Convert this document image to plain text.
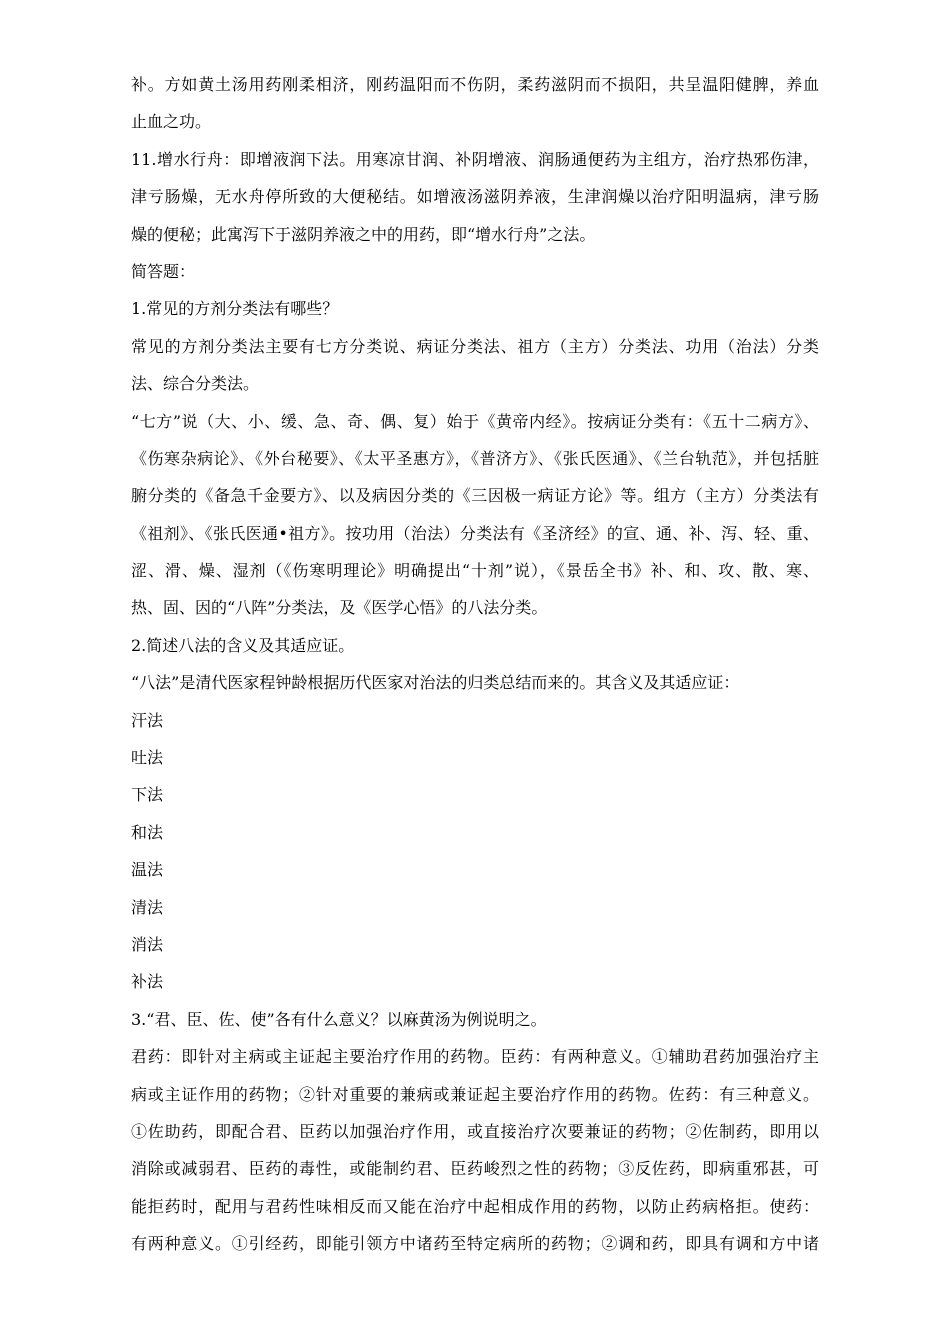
补。方如黄土汤用药刚柔相济，刚药温阳而不伤阴，柔药滋阴而不损阳，共呈温阳健脾，养血
止血之功。
11.增水行舟：即增液润下法。用寒凉甘润、补阴增液、润肠通便药为主组方，治疗热邪伤津，
津亏肠燥，无水舟停所致的大便秘结。如增液汤滋阴养液，生津润燥以治疗阳明温病，津亏肠
燥的便秘；此寓泻下于滋阴养液之中的用药，即“增水行舟”之法。
简答题：
1.常见的方剂分类法有哪些？
常见的方剂分类法主要有七方分类说、病证分类法、祖方（主方）分类法、功用（治法）分类
法、综合分类法。
“七方”说（大、小、缓、急、奇、偶、复）始于《黄帝内经》。按病证分类有：《五十二病方》、
《伤寒杂病论》、《外台秘要》、《太平圣惠方》，《普济方》、《张氏医通》、《兰台轨范》，并包括脏
腑分类的《备急千金要方》、以及病因分类的《三因极一病证方论》等。组方（主方）分类法有
《祖剂》、《张氏医通•祖方》。按功用（治法）分类法有《圣济经》的宣、通、补、泻、轻、重、
涩、滑、燥、湿剂（《伤寒明理论》明确提出“十剂”说），《景岳全书》补、和、攻、散、寒、
热、固、因的“八阵”分类法，及《医学心悟》的八法分类。
2.简述八法的含义及其适应证。
“八法”是清代医家程钟龄根据历代医家对治法的归类总结而来的。其含义及其适应证：
汗法
吐法
下法
和法
温法
清法
消法
补法
3.“君、臣、佐、使”各有什么意义？以麻黄汤为例说明之。
君药：即针对主病或主证起主要治疗作用的药物。臣药：有两种意义。①辅助君药加强治疗主
病或主证作用的药物；②针对重要的兼病或兼证起主要治疗作用的药物。佐药：有三种意义。
①佐助药，即配合君、臣药以加强治疗作用，或直接治疗次要兼证的药物；②佐制药，即用以
消除或减弱君、臣药的毒性，或能制约君、臣药峻烈之性的药物；③反佐药，即病重邪甚，可
能拒药时，配用与君药性味相反而又能在治疗中起相成作用的药物，以防止药病格拒。使药：
有两种意义。①引经药，即能引领方中诸药至特定病所的药物；②调和药，即具有调和方中诸
